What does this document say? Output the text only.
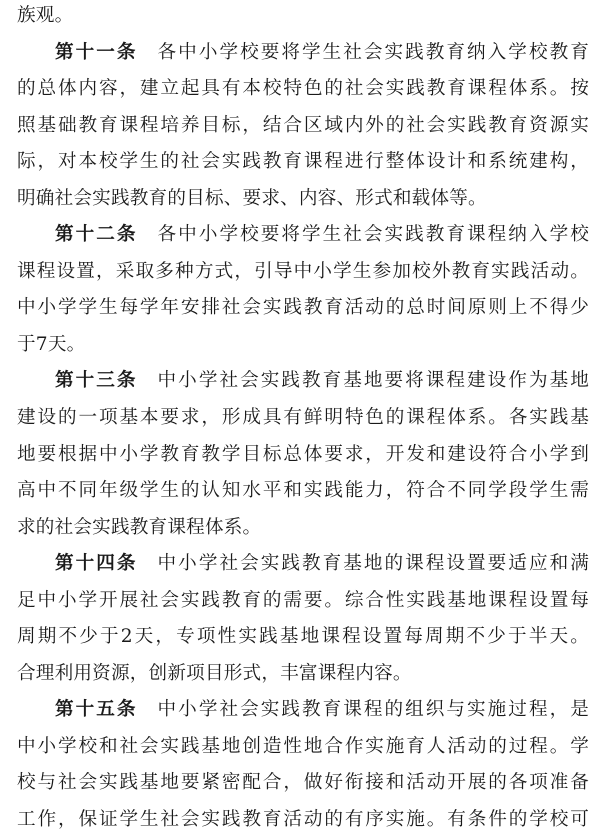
族观。
第十一条 各中小学校要将学生社会实践教育纳入学校教育
的总体内容，建立起具有本校特色的社会实践教育课程体系。按
照基础教育课程培养目标，结合区域内外的社会实践教育资源实
际，对本校学生的社会实践教育课程进行整体设计和系统建构，
明确社会实践教育的目标、要求、内容、形式和载体等。
第十二条 各中小学校要将学生社会实践教育课程纳入学校
课程设置，采取多种方式，引导中小学生参加校外教育实践活动。
中小学学生每学年安排社会实践教育活动的总时间原则上不得少
于7天。
第十三条 中小学社会实践教育基地要将课程建设作为基地
建设的一项基本要求，形成具有鲜明特色的课程体系。各实践基
地要根据中小学教育教学目标总体要求，开发和建设符合小学到
高中不同年级学生的认知水平和实践能力，符合不同学段学生需
求的社会实践教育课程体系。
第十四条 中小学社会实践教育基地的课程设置要适应和满
足中小学开展社会实践教育的需要。综合性实践基地课程设置每
周期不少于2天，专项性实践基地课程设置每周期不少于半天。
合理利用资源，创新项目形式，丰富课程内容。
第十五条 中小学社会实践教育课程的组织与实施过程，是
中小学校和社会实践基地创造性地合作实施育人活动的过程。学
校与社会实践基地要紧密配合，做好衔接和活动开展的各项准备
工作，保证学生社会实践教育活动的有序实施。有条件的学校可
